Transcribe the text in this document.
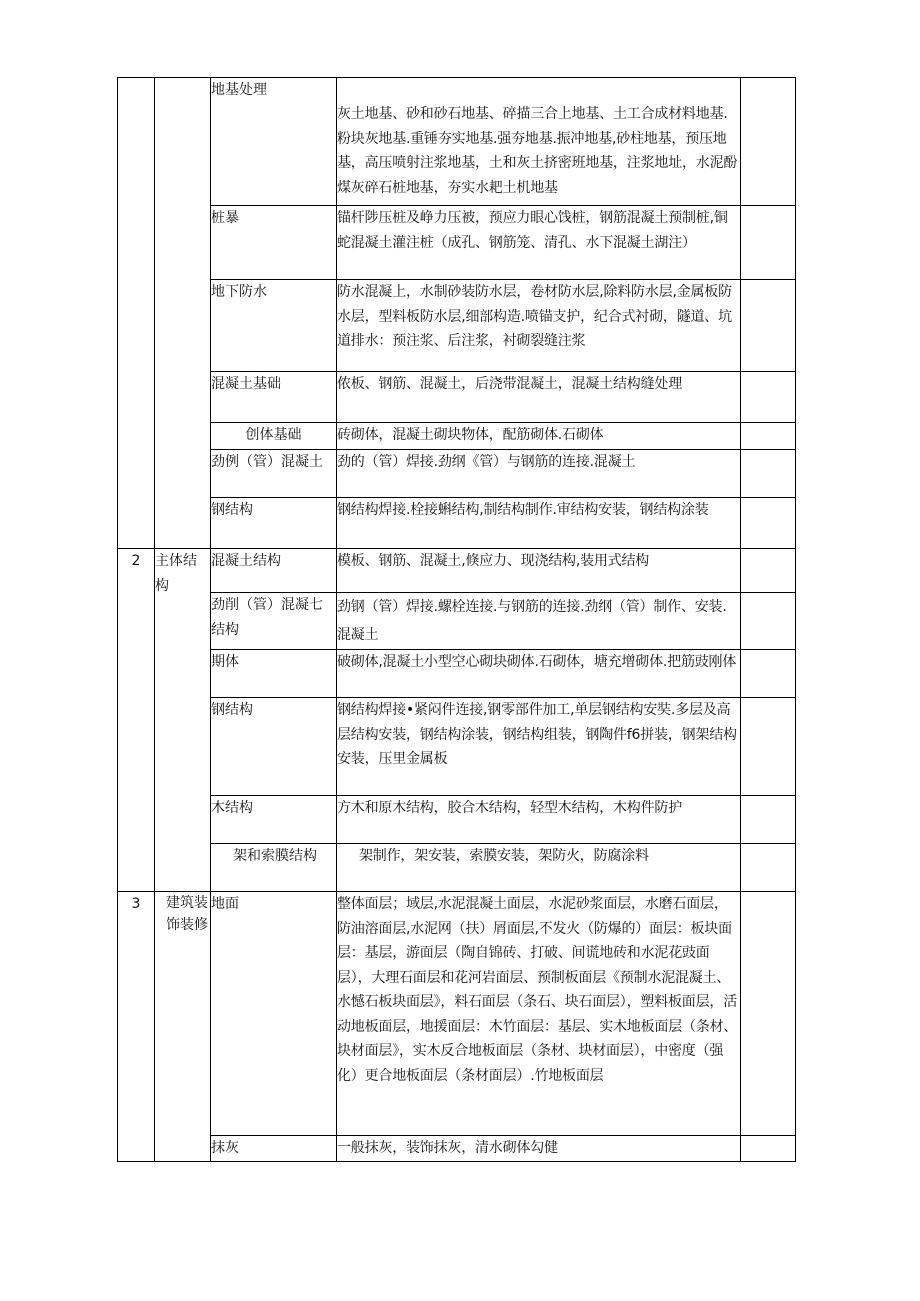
		地基处理	灰土地基、砂和砂石地基、碎描三合上地基、土工合成材料地基.粉块灰地基.重锤夯实地基.强夯地基.振冲地基,砂柱地基，预压地基，高压喷射注浆地基，土和灰土挤密班地基，注浆地址，水泥酚煤灰碎石桩地基，夯实水耙土机地基	
		桩暴	锚杆陟压桩及峥力压被，预应力眼心饯桩，钢筋混凝土预制桩,铜蛇混凝土灌注桩（成孔、钢筋笼、清孔、水下混凝土湖注）	
		地下防水	防水混凝上，水制砂装防水层，卷材防水层,除料防水层,金属板防水层，型料板防水层,细部构造.喷锚支护，纪合式衬砌，隧道、坑道排水：预注浆、后注浆，衬砌裂缝注浆	
		混凝土基础	侬板、钢筋、混凝土，后浇带混凝土，混凝土结构缝处理	
		创体基础	砖砌体，混凝土砌块物体，配筋砌体.石砌体	
		劲例（管）混凝土	劲的（管）焊接.劲纲《管）与钢筋的连接.混凝土	
		钢结构	钢结构焊接.栓接蝌结构,制结构制作.审结构安装，钢结构涂装	
2	主体结构	混凝土结构	模板、钢筋、混凝土,倏应力、现浇结构,装用式结构	
		劲削（管）混凝七结构	劲钢（管）焊接.螺栓连接.与钢筋的连接.劲纲（管）制作、安装.混凝土	
		期体	破砌体,混凝土小型空心砌块砌体.石砌体，塘充增砌体.把筋豉刚体	
		钢结构	钢结构焊接•紧闷件连接,钢零部件加工,单层钢结构安奘.多层及高层结构安装，钢结构涂装，钢结构组装，钢陶件f6拼装，钢架结构安装，压里金属板	
		木结构	方木和原木结构，胶合木结构，轻型木结构，木构件防护	
		架和索膜结构	架制作，架安装，索膜安装，架防火，防腐涂料	
3	建筑装饰装修	地面	整体面层；域层,水泥混凝土面层，水泥砂浆面层，水磨石面层，防油溶面层,水泥网（扶）屑面层,不发火（防爆的）面层：板块面层：基层，游面层（陶自锦砖、打破、间谎地砖和水泥花豉面层），大理石面层和花河岩面层、预制板面层《预制水泥混凝土、水憾石板块面层》，料石面层（条石、块石面层），塑料板面层，活动地板面层，地援面层：木竹面层：基层、实木地板面层（条材、块材面层》，实木反合地板面层（条材、块材面层），中密度（强化）更合地板面层（条材面层）.竹地板面层	
		抹灰	一般抹灰，装饰抹灰，清水砌体勾健	
